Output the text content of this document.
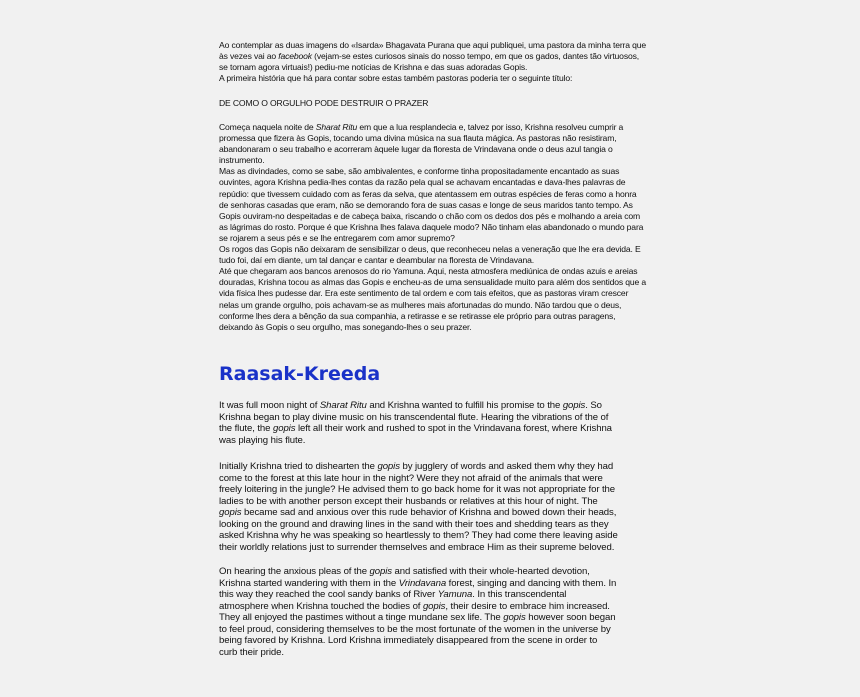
Ao contemplar as duas imagens do «Isarda» Bhagavata Purana que aqui publiquei, uma pastora da minha terra que

às vezes vai ao facebook (vejam-se estes curiosos sinais do nosso tempo, em que os gados, dantes tão virtuosos,

se tornam agora virtuais!) pediu-me notícias de Krishna e das suas adoradas Gopis.

A primeira história que há para contar sobre estas também pastoras poderia ter o seguinte título:

DE COMO O ORGULHO PODE DESTRUIR O PRAZER

Começa naquela noite de Sharat Ritu em que a lua resplandecia e, talvez por isso, Krishna resolveu cumprir a

promessa que fizera às Gopis, tocando uma divina música na sua flauta mágica. As pastoras não resistiram,

abandonaram o seu trabalho e acorreram àquele lugar da floresta de Vrindavana onde o deus azul tangia o

instrumento.

Mas as divindades, como se sabe, são ambivalentes, e conforme tinha propositadamente encantado as suas

ouvintes, agora Krishna pedia-lhes contas da razão pela qual se achavam encantadas e dava-lhes palavras de

repúdio: que tivessem cuidado com as feras da selva, que atentassem em outras espécies de feras como a honra

de senhoras casadas que eram, não se demorando fora de suas casas e longe de seus maridos tanto tempo. As

Gopis ouviram-no despeitadas e de cabeça baixa, riscando o chão com os dedos dos pés e molhando a areia com

as lágrimas do rosto. Porque é que Krishna lhes falava daquele modo? Não tinham elas abandonado o mundo para

se rojarem a seus pés e se lhe entregarem com amor supremo?

Os rogos das Gopis não deixaram de sensibilizar o deus, que reconheceu nelas a veneração que lhe era devida. E

tudo foi, daí em diante, um tal dançar e cantar e deambular na floresta de Vrindavana.

Até que chegaram aos bancos arenosos do rio Yamuna. Aqui, nesta atmosfera mediúnica de ondas azuis e areias

douradas, Krishna tocou as almas das Gopis e encheu-as de uma sensualidade muito para além dos sentidos que a

vida física lhes pudesse dar. Era este sentimento de tal ordem e com tais efeitos, que as pastoras viram crescer

nelas um grande orgulho, pois achavam-se as mulheres mais afortunadas do mundo. Não tardou que o deus,

conforme lhes dera a bênção da sua companhia, a retirasse e se retirasse ele próprio para outras paragens,

deixando às Gopis o seu orgulho, mas sonegando-lhes o seu prazer.

Raasak-Kreeda

It was full moon night of Sharat Ritu and Krishna wanted to fulfill his promise to the gopis. So

Krishna began to play divine music on his transcendental flute. Hearing the vibrations of the of

the flute, the gopis left all their work and rushed to spot in the Vrindavana forest, where Krishna

was playing his flute.

Initially Krishna tried to dishearten the gopis by jugglery of words and asked them why they had

come to the forest at this late hour in the night? Were they not afraid of the animals that were

freely loitering in the jungle? He advised them to go back home for it was not appropriate for the

ladies to be with another person except their husbands or relatives at this hour of night. The

gopis became sad and anxious over this rude behavior of Krishna and bowed down their heads,

looking on the ground and drawing lines in the sand with their toes and shedding tears as they

asked Krishna why he was speaking so heartlessly to them? They had come there leaving aside

their worldly relations just to surrender themselves and embrace Him as their supreme beloved.

On hearing the anxious pleas of the gopis and satisfied with their whole-hearted devotion,

Krishna started wandering with them in the Vrindavana forest, singing and dancing with them. In

this way they reached the cool sandy banks of River Yamuna. In this transcendental

atmosphere when Krishna touched the bodies of gopis, their desire to embrace him increased.

They all enjoyed the pastimes without a tinge mundane sex life. The gopis however soon began

to feel proud, considering themselves to be the most fortunate of the women in the universe by

being favored by Krishna. Lord Krishna immediately disappeared from the scene in order to

curb their pride.
